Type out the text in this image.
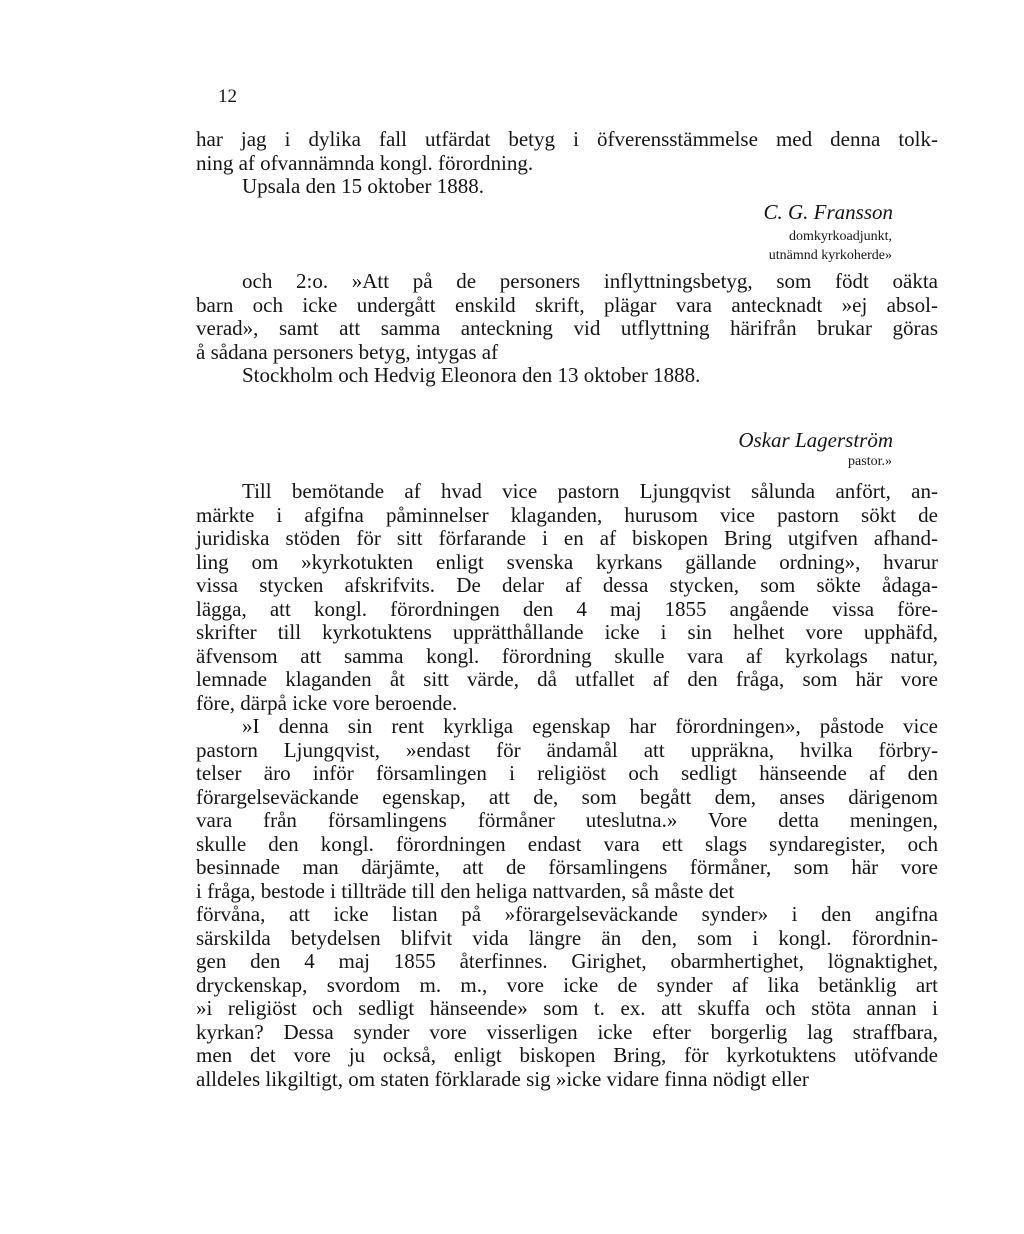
12

har jag i dylika fall utfärdat betyg i öfverensstämmelse med denna tolk-
ning af ofvannämnda kongl. förordning.
Upsala den 15 oktober 1888.

C. G. Fransson

domkyrkoadjunkt,

utnämnd kyrkoherde»

och 2:o. »Att på de personers inflyttningsbetyg, som födt oäkta
barn och icke undergått enskild skrift, plägar vara antecknadt »ej absol-
verad», samt att samma anteckning vid utflyttning härifrån brukar göras
å sådana personers betyg, intygas af
Stockholm och Hedvig Eleonora den 13 oktober 1888.

Oskar Lagerström

pastor.»

Till bemötande af hvad vice pastorn Ljungqvist sålunda anfört, an-
märkte i afgifna påminnelser klaganden, hurusom vice pastorn sökt de
juridiska stöden för sitt förfarande i en af biskopen Bring utgifven afhand-
ling om »kyrkotukten enligt svenska kyrkans gällande ordning», hvarur
vissa stycken afskrifvits. De delar af dessa stycken, som sökte ådaga-
lägga, att kongl. förordningen den 4 maj 1855 angående vissa före-
skrifter till kyrkotuktens upprätthållande icke i sin helhet vore upphäfd,
äfvensom att samma kongl. förordning skulle vara af kyrkolags natur,
lemnade klaganden åt sitt värde, då utfallet af den fråga, som här vore
före, därpå icke vore beroende.

»I denna sin rent kyrkliga egenskap har förordningen», påstode vice
pastorn Ljungqvist, »endast för ändamål att uppräkna, hvilka förbry-
telser äro inför församlingen i religiöst och sedligt hänseende af den
förargelseväckande egenskap, att de, som begått dem, anses därigenom
vara från församlingens förmåner uteslutna.» Vore detta meningen,
skulle den kongl. förordningen endast vara ett slags syndaregister, och
besinnade man därjämte, att de församlingens förmåner, som här vore
i fråga, bestode i tillträde till den heliga nattvarden, så måste det
förvåna, att icke listan på »förargelseväckande synder» i den angifna
särskilda betydelsen blifvit vida längre än den, som i kongl. förordnin-
gen den 4 maj 1855 återfinnes. Girighet, obarmhertighet, lögnaktighet,
dryckenskap, svordom m. m., vore icke de synder af lika betänklig art
»i religiöst och sedligt hänseende» som t. ex. att skuffa och stöta annan i
kyrkan? Dessa synder vore visserligen icke efter borgerlig lag straffbara,
men det vore ju också, enligt biskopen Bring, för kyrkotuktens utöfvande
alldeles likgiltigt, om staten förklarade sig »icke vidare finna nödigt eller
